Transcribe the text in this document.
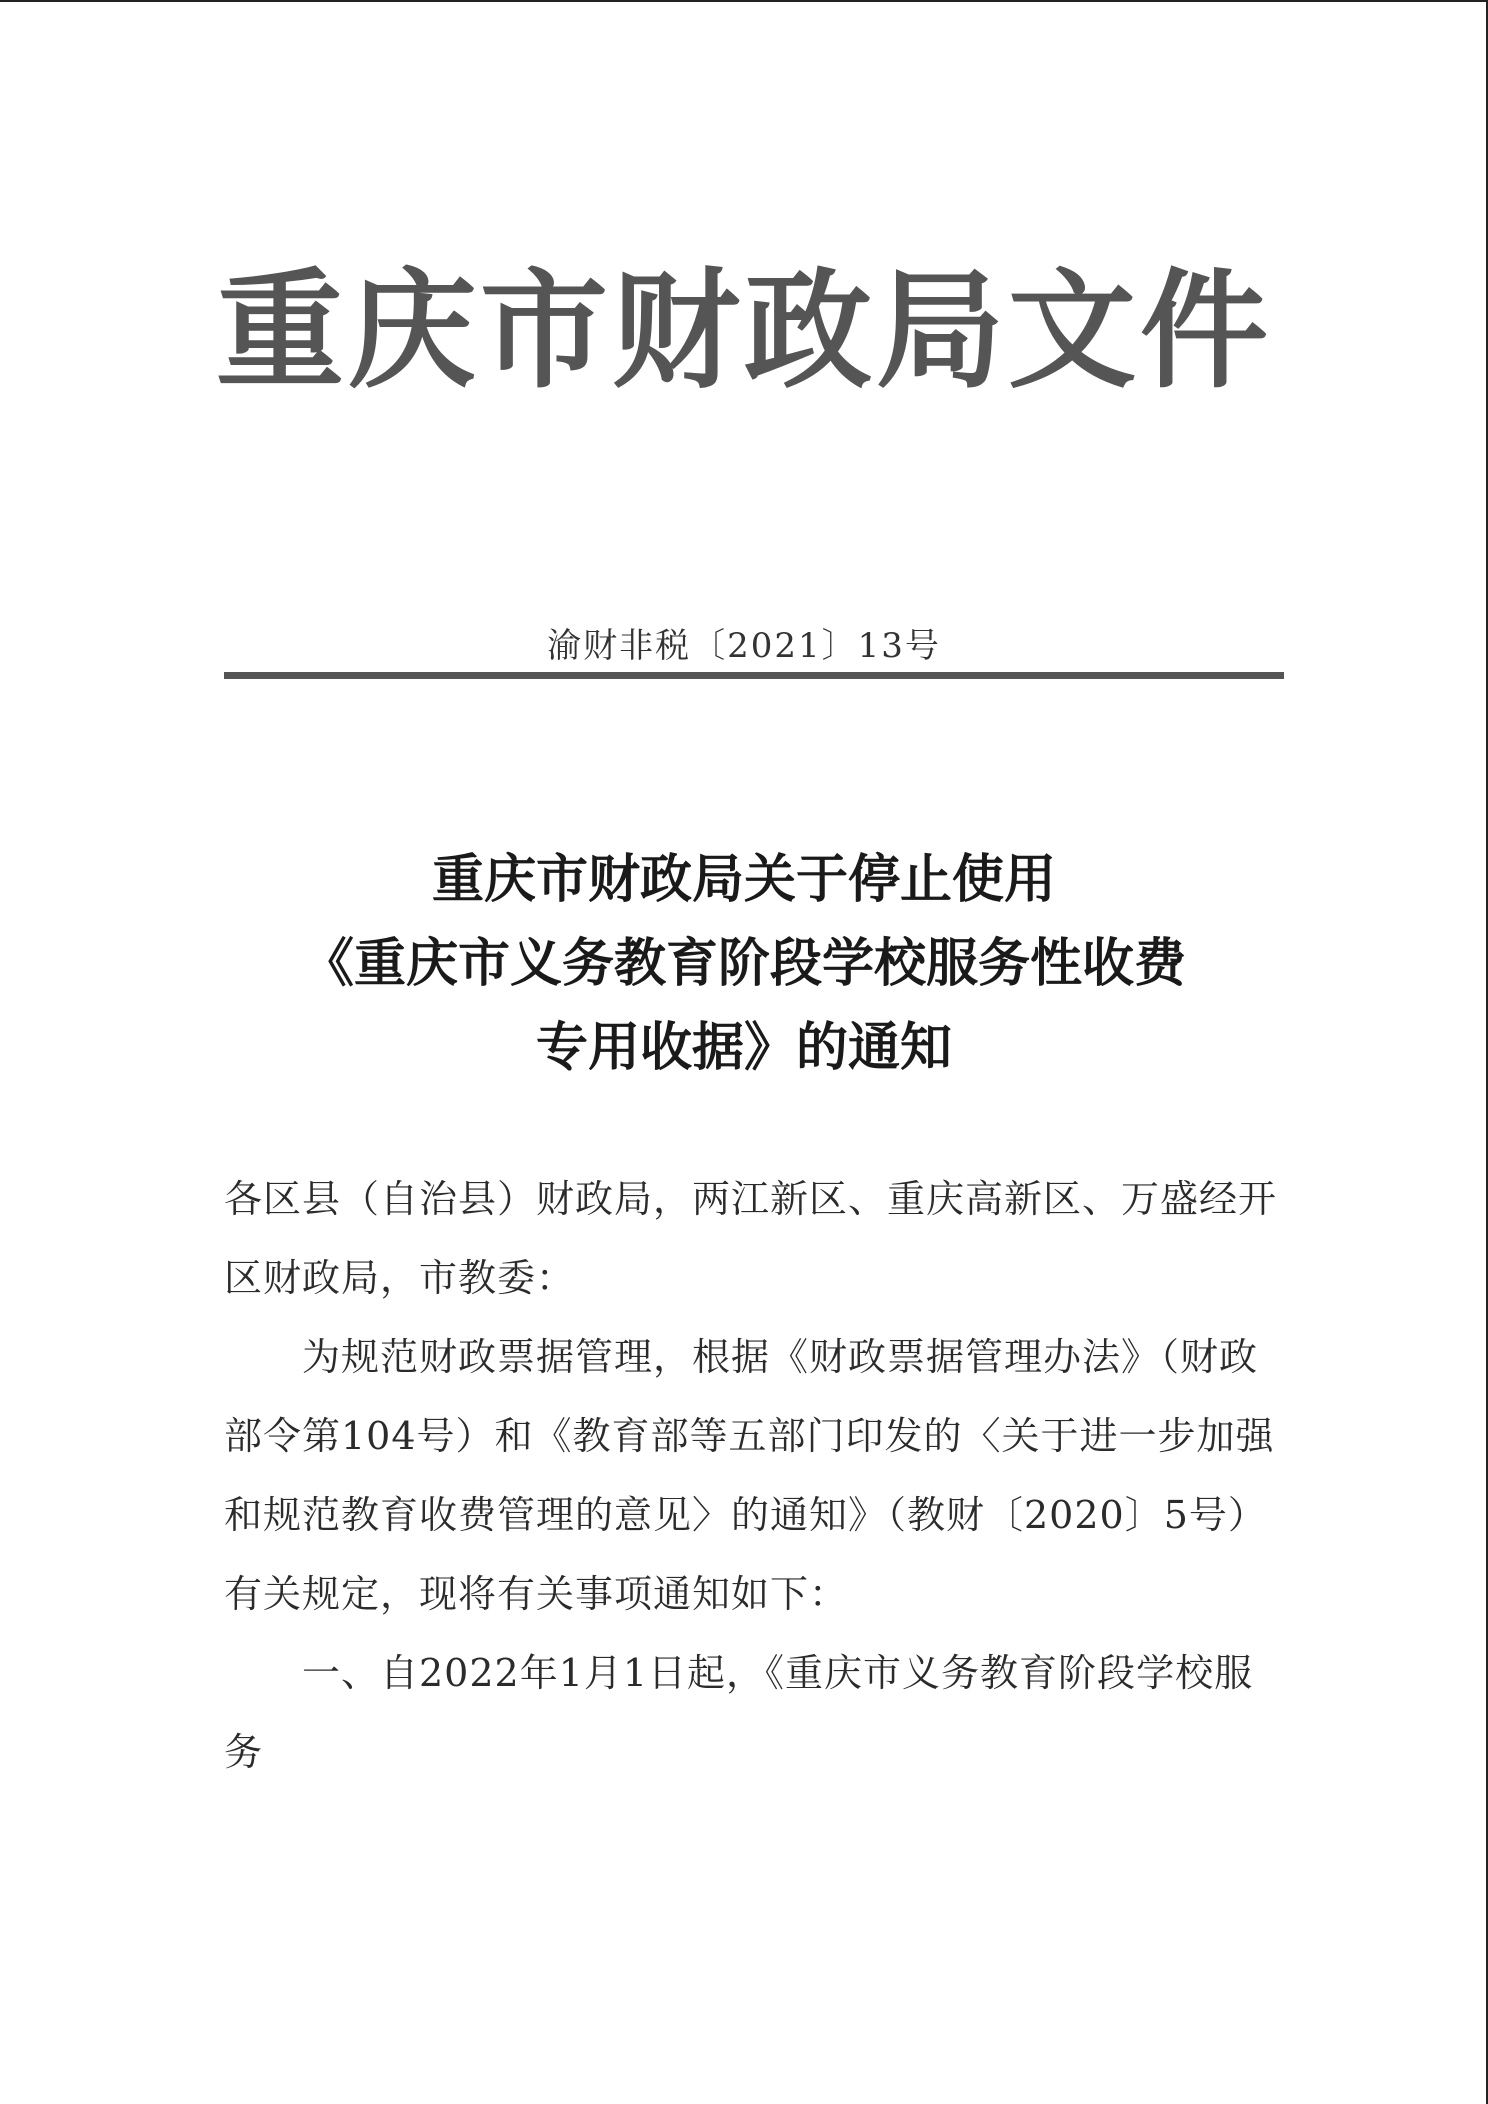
重庆市财政局文件
渝财非税〔2021〕13号
重庆市财政局关于停止使用
《重庆市义务教育阶段学校服务性收费
专用收据》的通知

各区县（自治县）财政局，两江新区、重庆高新区、万盛经开区财政局，市教委：

为规范财政票据管理，根据《财政票据管理办法》（财政部令第104号）和《教育部等五部门印发的〈关于进一步加强和规范教育收费管理的意见〉的通知》（教财〔2020〕5号）有关规定，现将有关事项通知如下：

一、自2022年1月1日起，《重庆市义务教育阶段学校服务
